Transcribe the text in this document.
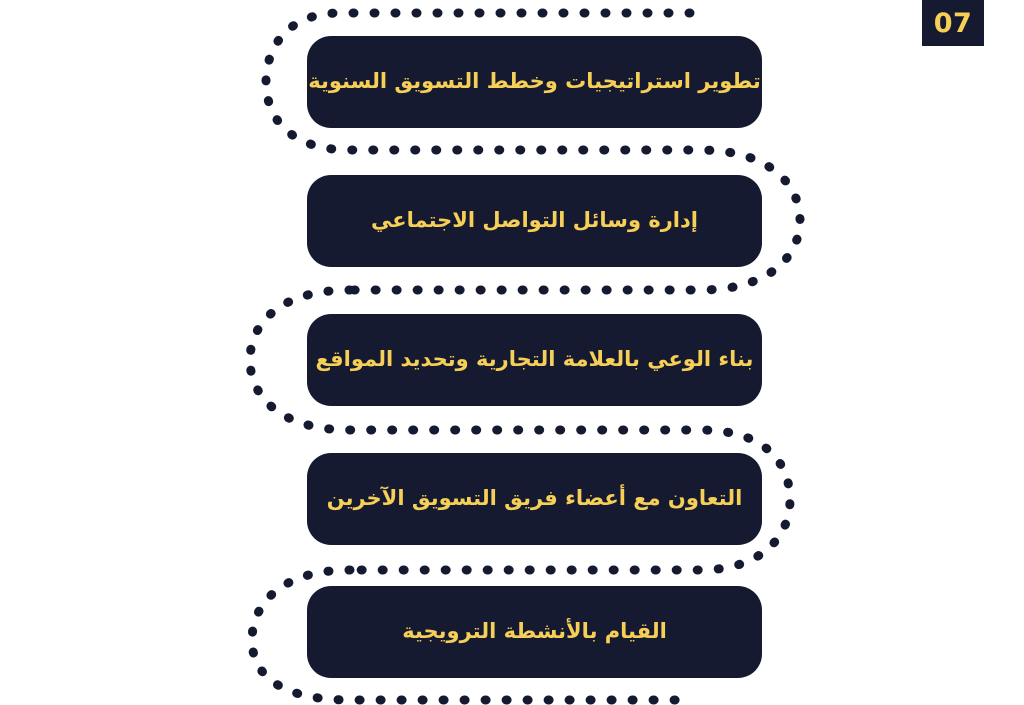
07
تطوير استراتيجيات وخطط التسويق السنوية
إدارة وسائل التواصل الاجتماعي
بناء الوعي بالعلامة التجارية وتحديد المواقع
التعاون مع أعضاء فريق التسويق الآخرين
القيام بالأنشطة الترويجية
